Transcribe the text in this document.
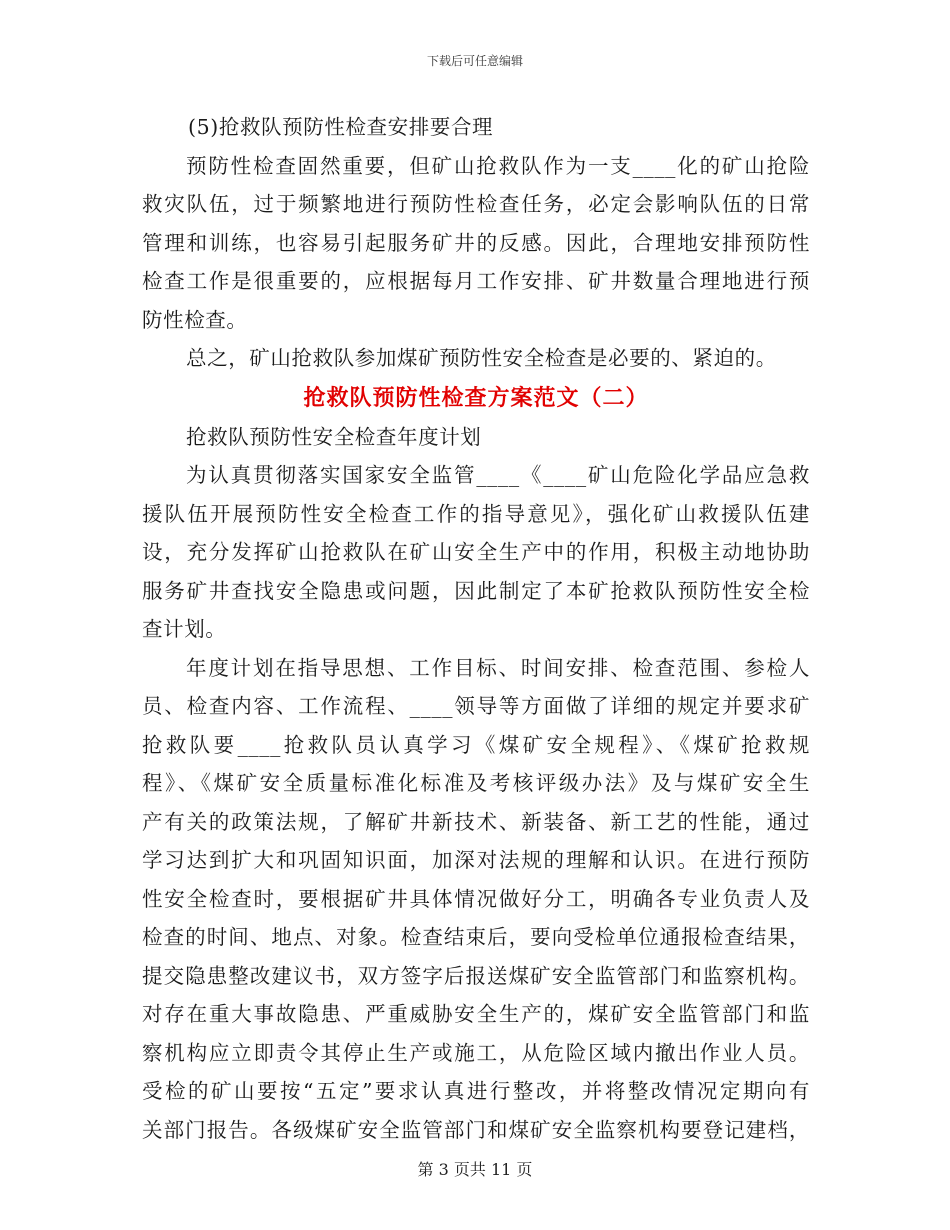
下载后可任意编辑
(5)抢救队预防性检查安排要合理
预防性检查固然重要，但矿山抢救队作为一支____化的矿山抢险
救灾队伍，过于频繁地进行预防性检查任务，必定会影响队伍的日常
管理和训练，也容易引起服务矿井的反感。因此，合理地安排预防性
检查工作是很重要的，应根据每月工作安排、矿井数量合理地进行预
防性检查。
总之，矿山抢救队参加煤矿预防性安全检查是必要的、紧迫的。
抢救队预防性检查方案范文（二）
抢救队预防性安全检查年度计划
为认真贯彻落实国家安全监管____《____矿山危险化学品应急救
援队伍开展预防性安全检查工作的指导意见》，强化矿山救援队伍建
设，充分发挥矿山抢救队在矿山安全生产中的作用，积极主动地协助
服务矿井查找安全隐患或问题，因此制定了本矿抢救队预防性安全检
查计划。
年度计划在指导思想、工作目标、时间安排、检查范围、参检人
员、检查内容、工作流程、____领导等方面做了详细的规定并要求矿
抢救队要____抢救队员认真学习《煤矿安全规程》、《煤矿抢救规
程》、《煤矿安全质量标准化标准及考核评级办法》及与煤矿安全生
产有关的政策法规，了解矿井新技术、新装备、新工艺的性能，通过
学习达到扩大和巩固知识面，加深对法规的理解和认识。在进行预防
性安全检查时，要根据矿井具体情况做好分工，明确各专业负责人及
检查的时间、地点、对象。检查结束后，要向受检单位通报检查结果，
提交隐患整改建议书，双方签字后报送煤矿安全监管部门和监察机构。
对存在重大事故隐患、严重威胁安全生产的，煤矿安全监管部门和监
察机构应立即责令其停止生产或施工，从危险区域内撤出作业人员。
受检的矿山要按“五定”要求认真进行整改，并将整改情况定期向有
关部门报告。各级煤矿安全监管部门和煤矿安全监察机构要登记建档，
第 3 页共 11 页
